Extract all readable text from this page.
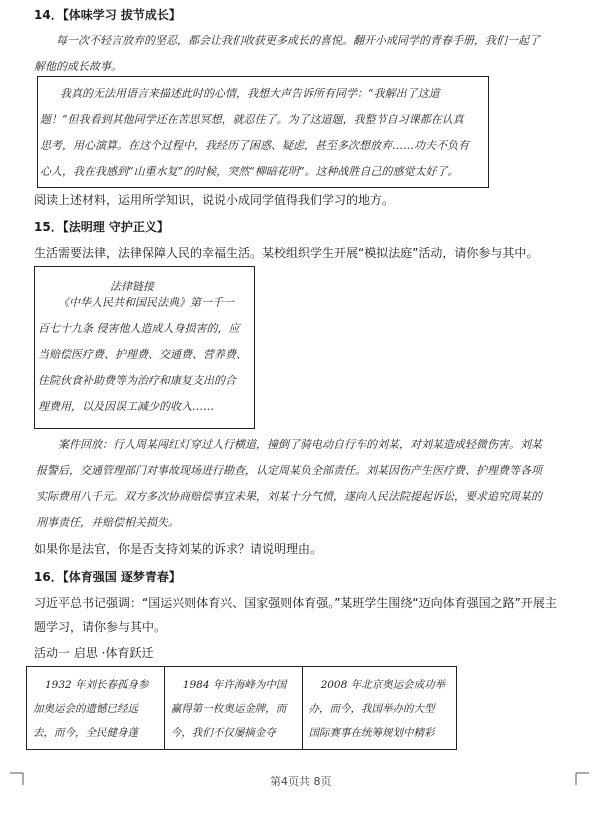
14．【体味学习 拔节成长】
每一次不轻言放弃的坚忍，都会让我们收获更多成长的喜悦。翻开小成同学的青春手册，我们一起了
解他的成长故事。
我真的无法用语言来描述此时的心情，我想大声告诉所有同学：“我解出了这道
题！”但我看到其他同学还在苦思冥想，就忍住了。为了这道题，我整节自习课都在认真
思考，用心演算。在这个过程中，我经历了困惑、疑虑，甚至多次想放弃……功夫不负有
心人，我在我感到“山重水复”的时候，突然“柳暗花明”。这种战胜自己的感觉太好了。
阅读上述材料，运用所学知识，说说小成同学值得我们学习的地方。
15．【法明理 守护正义】
生活需要法律，法律保障人民的幸福生活。某校组织学生开展“模拟法庭”活动，请你参与其中。
法律链接
《中华人民共和国民法典》第一千一
百七十九条 侵害他人造成人身损害的，应
当赔偿医疗费、护理费、交通费、营养费、
住院伙食补助费等为治疗和康复支出的合
理费用，以及因误工减少的收入……
案件回放：行人周某闯红灯穿过人行横道，撞倒了骑电动自行车的刘某，对刘某造成轻微伤害。刘某
报警后，交通管理部门对事故现场进行勘查，认定周某负全部责任。刘某因伤产生医疗费、护理费等各项
实际费用八千元。双方多次协商赔偿事宜未果，刘某十分气愤，遂向人民法院提起诉讼，要求追究周某的
刑事责任，并赔偿相关损失。
如果你是法官，你是否支持刘某的诉求？请说明理由。
16．【体育强国 逐梦青春】
习近平总书记强调：“国运兴则体育兴、国家强则体育强。”某班学生围绕“迈向体育强国之路”开展主
题学习，请你参与其中。
活动一 启思 ·体育跃迁
1932 年刘长春孤身参
加奥运会的遗憾已经远
去，而今，全民健身蓬

1984 年许海峰为中国
赢得第一枚奥运金牌，而
今，我们不仅屡摘金夺

2008 年北京奥运会成功举
办，而今，我国举办的大型
国际赛事在统筹规划中精彩
第4页共 8页
